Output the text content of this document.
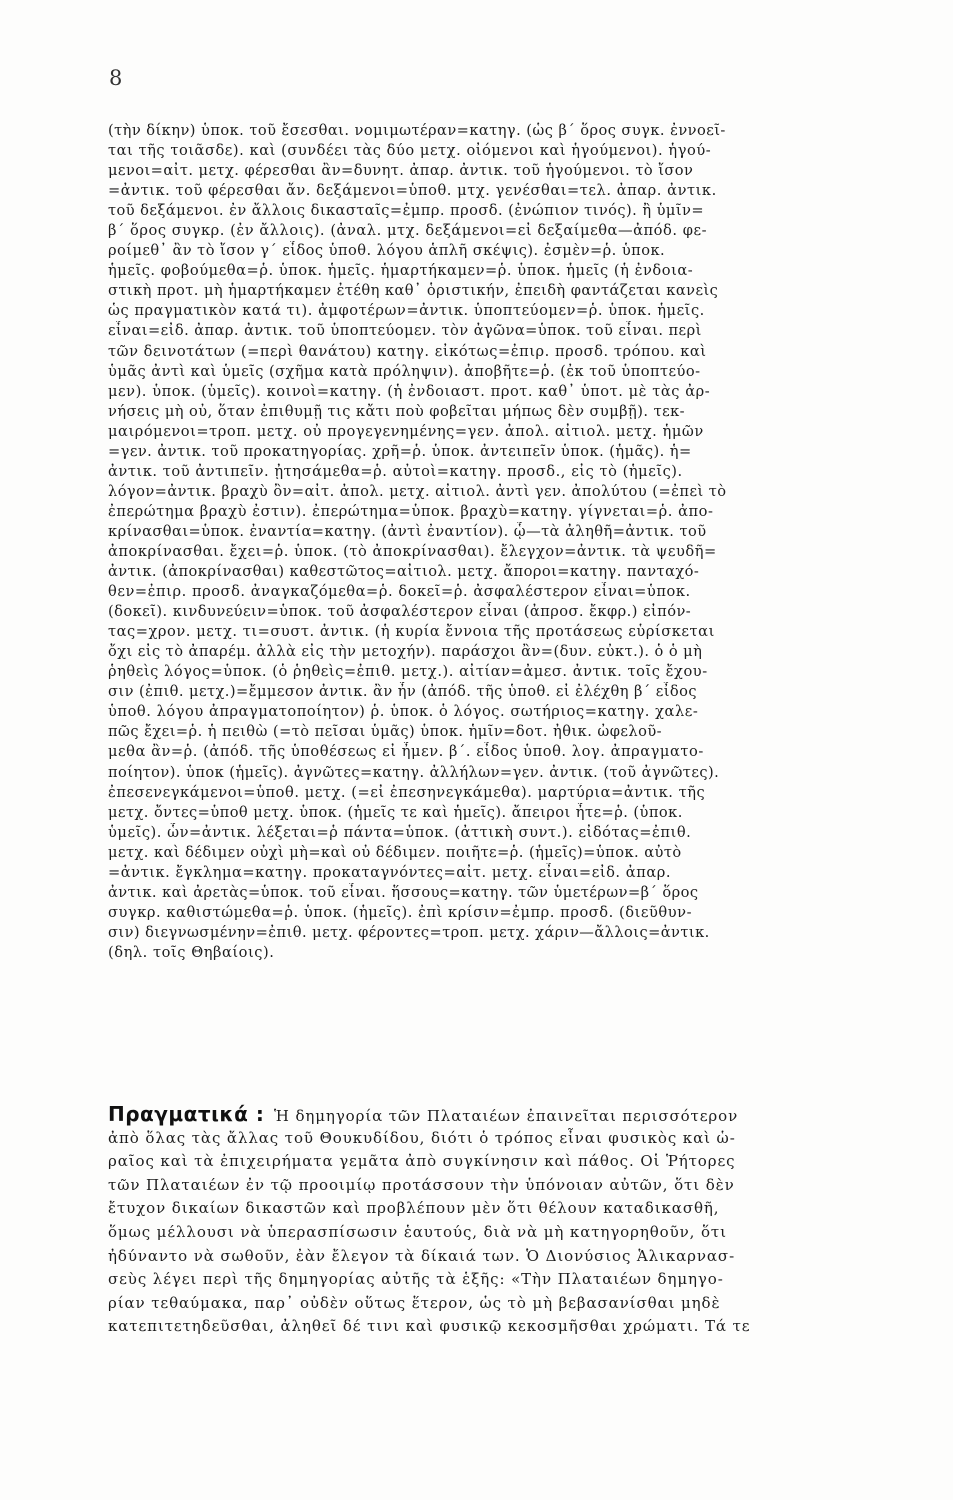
8
(τὴν δίκην) ὑποκ. τοῦ ἔσεσθαι. νομιμωτέραν=κατηγ. (ὡς β΄ ὅρος συγκ. ἐννοεῖ-
ται τῆς τοιᾶσδε). καὶ (συνδέει τὰς δύο μετχ. οἰόμενοι καὶ ἡγούμενοι). ἡγού-
μενοι=αἰτ. μετχ. φέρεσθαι ἂν=δυνητ. ἀπαρ. ἀντικ. τοῦ ἡγούμενοι. τὸ ἴσον
=ἀντικ. τοῦ φέρεσθαι ἄν. δεξάμενοι=ὑποθ. μτχ. γενέσθαι=τελ. ἀπαρ. ἀντικ.
τοῦ δεξάμενοι. ἐν ἄλλοις δικασταῖς=ἐμπρ. προσδ. (ἐνώπιον τινός). ἢ ὑμῖν=
β΄ ὅρος συγκρ. (ἐν ἄλλοις). (ἀναλ. μτχ. δεξάμενοι=εἰ δεξαίμεθα—ἀπόδ. φε-
ροίμεθ᾽ ἂν τὸ ἴσον γ΄ εἶδος ὑποθ. λόγου ἁπλῆ σκέψις). ἐσμὲν=ῥ. ὑποκ.
ἡμεῖς. φοβούμεθα=ῥ. ὑποκ. ἡμεῖς. ἡμαρτήκαμεν=ῥ. ὑποκ. ἡμεῖς (ἡ ἐνδοια-
στικὴ προτ. μὴ ἡμαρτήκαμεν ἐτέθη καθ᾽ ὁριστικήν, ἐπειδὴ φαντάζεται κανεὶς
ὡς πραγματικὸν κατά τι). ἀμφοτέρων=ἀντικ. ὑποπτεύομεν=ῥ. ὑποκ. ἡμεῖς.
εἶναι=εἰδ. ἀπαρ. ἀντικ. τοῦ ὑποπτεύομεν. τὸν ἀγῶνα=ὑποκ. τοῦ εἶναι. περὶ
τῶν δεινοτάτων (=περὶ θανάτου) κατηγ. εἰκότως=ἐπιρ. προσδ. τρόπου. καὶ
ὑμᾶς ἀντὶ καὶ ὑμεῖς (σχῆμα κατὰ πρόληψιν). ἀποβῆτε=ῥ. (ἐκ τοῦ ὑποπτεύο-
μεν). ὑποκ. (ὑμεῖς). κοινοὶ=κατηγ. (ἡ ἐνδοιαστ. προτ. καθ᾽ ὑποτ. μὲ τὰς ἀρ-
νήσεις μὴ οὐ, ὅταν ἐπιθυμῇ τις κἄτι ποὺ φοβεῖται μήπως δὲν συμβῇ). τεκ-
μαιρόμενοι=τροπ. μετχ. οὐ προγεγενημένης=γεν. ἀπολ. αἰτιολ. μετχ. ἡμῶν
=γεν. ἀντικ. τοῦ προκατηγορίας. χρῆ=ῥ. ὑποκ. ἀντειπεῖν ὑποκ. (ἡμᾶς). ἡ=
ἀντικ. τοῦ ἀντιπεῖν. ᾐτησάμεθα=ῥ. αὐτοὶ=κατηγ. προσδ., εἰς τὸ (ἡμεῖς).
λόγον=ἀντικ. βραχὺ ὂν=αἰτ. ἀπολ. μετχ. αἰτιολ. ἀντὶ γεν. ἀπολύτου (=ἐπεὶ τὸ
ἐπερώτημα βραχὺ ἐστιν). ἐπερώτημα=ὑποκ. βραχὺ=κατηγ. γίγνεται=ῥ. ἀπο-
κρίνασθαι=ὑποκ. ἐναντία=κατηγ. (ἀντὶ ἐναντίον). ᾧ—τὰ ἀληθῆ=ἀντικ. τοῦ
ἀποκρίνασθαι. ἔχει=ῥ. ὑποκ. (τὸ ἀποκρίνασθαι). ἔλεγχον=ἀντικ. τὰ ψευδῆ=
ἀντικ. (ἀποκρίνασθαι) καθεστῶτος=αἰτιολ. μετχ. ἄποροι=κατηγ. πανταχό-
θεν=ἐπιρ. προσδ. ἀναγκαζόμεθα=ῥ. δοκεῖ=ῥ. ἀσφαλέστερον εἶναι=ὑποκ.
(δοκεῖ). κινδυνεύειν=ὑποκ. τοῦ ἀσφαλέστερον εἶναι (ἀπροσ. ἔκφρ.) εἰπόν-
τας=χρον. μετχ. τι=συστ. ἀντικ. (ἡ κυρία ἔννοια τῆς προτάσεως εὑρίσκεται
ὄχι εἰς τὸ ἀπαρέμ. ἀλλὰ εἰς τὴν μετοχήν). παράσχοι ἂν=(δυν. εὐκτ.). ὁ ὁ μὴ
ῥηθεὶς λόγος=ὑποκ. (ὁ ῥηθεὶς=ἐπιθ. μετχ.). αἰτίαν=ἀμεσ. ἀντικ. τοῖς ἔχου-
σιν (ἐπιθ. μετχ.)=ἔμμεσον ἀντικ. ἂν ἦν (ἀπόδ. τῆς ὑποθ. εἰ ἐλέχθη β΄ εἶδος
ὑποθ. λόγου ἀπραγματοποίητον) ῥ. ὑποκ. ὁ λόγος. σωτήριος=κατηγ. χαλε-
πῶς ἔχει=ῥ. ἡ πειθὼ (=τὸ πεῖσαι ὑμᾶς) ὑποκ. ἡμῖν=δοτ. ἠθικ. ὠφελοῦ-
μεθα ἂν=ῥ. (ἀπόδ. τῆς ὑποθέσεως εἰ ἦμεν. β΄. εἶδος ὑποθ. λογ. ἀπραγματο-
ποίητον). ὑποκ (ἡμεῖς). ἀγνῶτες=κατηγ. ἀλλήλων=γεν. ἀντικ. (τοῦ ἀγνῶτες).
ἐπεσενεγκάμενοι=ὑποθ. μετχ. (=εἰ ἐπεσηνεγκάμεθα). μαρτύρια=ἀντικ. τῆς
μετχ. ὄντες=ὑποθ μετχ. ὑποκ. (ἡμεῖς τε καὶ ἡμεῖς). ἄπειροι ἦτε=ῥ. (ὑποκ.
ὑμεῖς). ὧν=ἀντικ. λέξεται=ῥ πάντα=ὑποκ. (ἀττικὴ συντ.). εἰδότας=ἐπιθ.
μετχ. καὶ δέδιμεν οὐχὶ μὴ=καὶ οὐ δέδιμεν. ποιῆτε=ῥ. (ἡμεῖς)=ὑποκ. αὐτὸ
=ἀντικ. ἔγκλημα=κατηγ. προκαταγνόντες=αἰτ. μετχ. εἶναι=εἰδ. ἀπαρ.
ἀντικ. καὶ ἀρετὰς=ὑποκ. τοῦ εἶναι. ἥσσους=κατηγ. τῶν ὑμετέρων=β΄ ὅρος
συγκρ. καθιστώμεθα=ῥ. ὑποκ. (ἡμεῖς). ἐπὶ κρίσιν=ἐμπρ. προσδ. (διεῦθυν-
σιν) διεγνωσμένην=ἐπιθ. μετχ. φέροντες=τροπ. μετχ. χάριν—ἄλλοις=ἀντικ.
(δηλ. τοῖς Θηβαίοις).
Πραγματικά : Ἡ δημηγορία τῶν Πλαταιέων ἐπαινεῖται περισσότερον
ἀπὸ ὅλας τὰς ἄλλας τοῦ Θουκυδίδου, διότι ὁ τρόπος εἶναι φυσικὸς καὶ ὡ-
ραῖος καὶ τὰ ἐπιχειρήματα γεμᾶτα ἀπὸ συγκίνησιν καὶ πάθος. Οἱ Ῥήτορες
τῶν Πλαταιέων ἐν τῷ προοιμίῳ προτάσσουν τὴν ὑπόνοιαν αὐτῶν, ὅτι δὲν
ἔτυχον δικαίων δικαστῶν καὶ προβλέπουν μὲν ὅτι θέλουν καταδικασθῆ,
ὅμως μέλλουσι νὰ ὑπερασπίσωσιν ἑαυτούς, διὰ νὰ μὴ κατηγορηθοῦν, ὅτι
ἠδύναντο νὰ σωθοῦν, ἐὰν ἔλεγον τὰ δίκαιά των. Ὁ Διονύσιος Ἁλικαρνασ-
σεὺς λέγει περὶ τῆς δημηγορίας αὐτῆς τὰ ἑξῆς: «Τὴν Πλαταιέων δημηγο-
ρίαν τεθαύμακα, παρ᾽ οὐδὲν οὕτως ἕτερον, ὡς τὸ μὴ βεβασανίσθαι μηδὲ
κατεπιτετηδεῦσθαι, ἀληθεῖ δέ τινι καὶ φυσικῷ κεκοσμῆσθαι χρώματι. Τά τε
